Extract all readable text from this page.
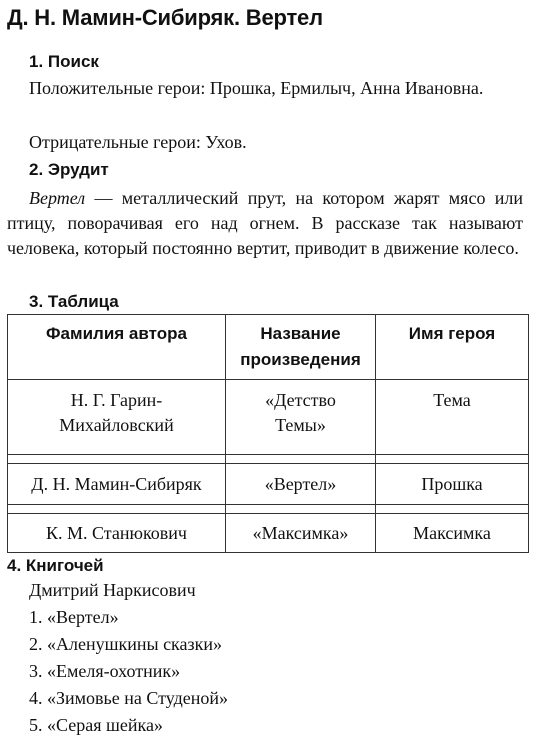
Д. Н. Мамин-Сибиряк. Вертел
1. Поиск
Положительные герои: Прошка, Ермилыч, Анна Ивановна.
Отрицательные герои: Ухов.
2. Эрудит
Вертел — металлический прут, на котором жарят мясо или птицу, поворачивая его над огнем. В рассказе так называют человека, который постоянно вертит, приводит в движение колесо.
3. Таблица
Фамилия автора	Название произведения	Имя героя
Н. Г. Гарин-Михайловский	«Детство Темы»	Тема

Д. Н. Мамин-Сибиряк	«Вертел»	Прошка

К. М. Станюкович	«Максимка»	Максимка
4. Книгочей
Дмитрий Наркисович
1. «Вертел»
2. «Аленушкины сказки»
3. «Емеля-охотник»
4. «Зимовье на Студеной»
5. «Серая шейка»
